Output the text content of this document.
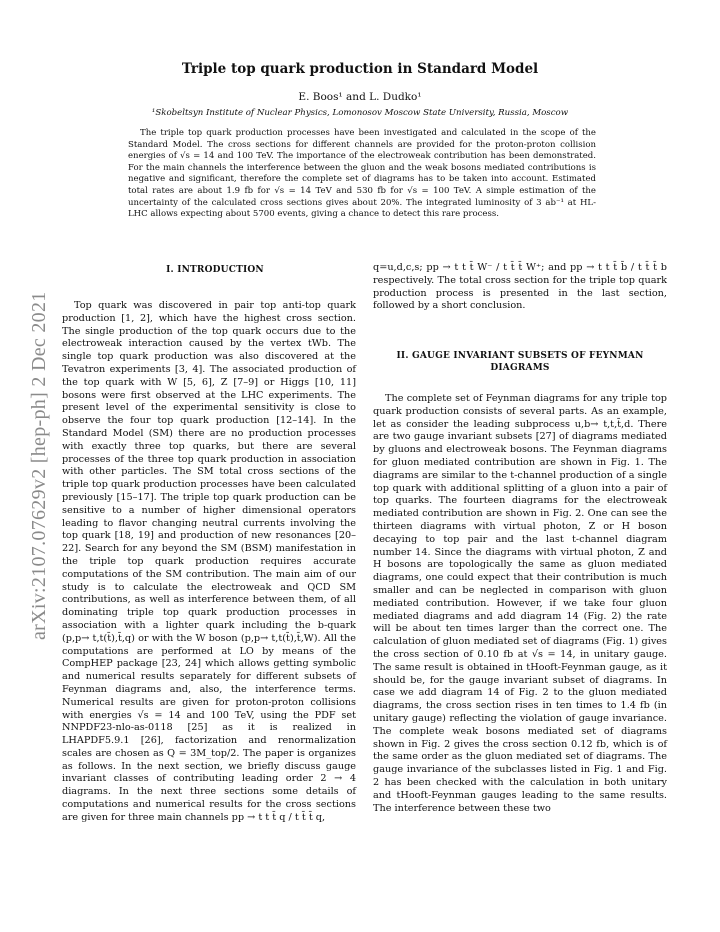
arXiv:2107.07629v2 [hep-ph] 2 Dec 2021
Triple top quark production in Standard Model
E. Boos¹ and L. Dudko¹
¹Skobeltsyn Institute of Nuclear Physics, Lomonosov Moscow State University, Russia, Moscow

The triple top quark production processes have been investigated and calculated in the scope of the Standard Model. The cross sections for different channels are provided for the proton-proton collision energies of √s = 14 and 100 TeV. The importance of the electroweak contribution has been demonstrated. For the main channels the interference between the gluon and the weak bosons mediated contributions is negative and significant, therefore the complete set of diagrams has to be taken into account. Estimated total rates are about 1.9 fb for √s = 14 TeV and 530 fb for √s = 100 TeV. A simple estimation of the uncertainty of the calculated cross sections gives about 20%. The integrated luminosity of 3 ab⁻¹ at HL-LHC allows expecting about 5700 events, giving a chance to detect this rare process.

I. INTRODUCTION

Top quark was discovered in pair top anti-top quark production [1, 2], which have the highest cross section. The single production of the top quark occurs due to the electroweak interaction caused by the vertex tWb. The single top quark production was also discovered at the Tevatron experiments [3, 4]. The associated production of the top quark with W [5, 6], Z [7–9] or Higgs [10, 11] bosons were first observed at the LHC experiments. The present level of the experimental sensitivity is close to observe the four top quark production [12–14]. In the Standard Model (SM) there are no production processes with exactly three top quarks, but there are several processes of the three top quark production in association with other particles. The SM total cross sections of the triple top quark production processes have been calculated previously [15–17]. The triple top quark production can be sensitive to a number of higher dimensional operators leading to flavor changing neutral currents involving the top quark [18, 19] and production of new resonances [20–22]. Search for any beyond the SM (BSM) manifestation in the triple top quark production requires accurate computations of the SM contribution. The main aim of our study is to calculate the electroweak and QCD SM contributions, as well as interference between them, of all dominating triple top quark production processes in association with a lighter quark including the b-quark (p,p→ t,t(t̄),t̄,q) or with the W boson (p,p→ t,t(t̄),t̄,W). All the computations are performed at LO by means of the CompHEP package [23, 24] which allows getting symbolic and numerical results separately for different subsets of Feynman diagrams and, also, the interference terms. Numerical results are given for proton-proton collisions with energies √s = 14 and 100 TeV, using the PDF set NNPDF23-nlo-as-0118 [25] as it is realized in LHAPDF5.9.1 [26], factorization and renormalization scales are chosen as Q = 3M_top/2. The paper is organizes as follows. In the next section, we briefly discuss gauge invariant classes of contributing leading order 2 → 4 diagrams. In the next three sections some details of computations and numerical results for the cross sections are given for three main channels pp → t t t̄ q / t t̄ t̄ q,

q=u,d,c,s; pp → t t t̄ W⁻ / t t̄ t̄ W⁺; and pp → t t t̄ b̄ / t t̄ t̄ b respectively. The total cross section for the triple top quark production process is presented in the last section, followed by a short conclusion.

II. GAUGE INVARIANT SUBSETS OF FEYNMAN DIAGRAMS

The complete set of Feynman diagrams for any triple top quark production consists of several parts. As an example, let as consider the leading subprocess u,b→ t,t,t̄,d. There are two gauge invariant subsets [27] of diagrams mediated by gluons and electroweak bosons. The Feynman diagrams for gluon mediated contribution are shown in Fig. 1. The diagrams are similar to the t-channel production of a single top quark with additional splitting of a gluon into a pair of top quarks. The fourteen diagrams for the electroweak mediated contribution are shown in Fig. 2. One can see the thirteen diagrams with virtual photon, Z or H boson decaying to top pair and the last t-channel diagram number 14. Since the diagrams with virtual photon, Z and H bosons are topologically the same as gluon mediated diagrams, one could expect that their contribution is much smaller and can be neglected in comparison with gluon mediated contribution. However, if we take four gluon mediated diagrams and add diagram 14 (Fig. 2) the rate will be about ten times larger than the correct one. The calculation of gluon mediated set of diagrams (Fig. 1) gives the cross section of 0.10 fb at √s = 14, in unitary gauge. The same result is obtained in tHooft-Feynman gauge, as it should be, for the gauge invariant subset of diagrams. In case we add diagram 14 of Fig. 2 to the gluon mediated diagrams, the cross section rises in ten times to 1.4 fb (in unitary gauge) reflecting the violation of gauge invariance. The complete weak bosons mediated set of diagrams shown in Fig. 2 gives the cross section 0.12 fb, which is of the same order as the gluon mediated set of diagrams. The gauge invariance of the subclasses listed in Fig. 1 and Fig. 2 has been checked with the calculation in both unitary and tHooft-Feynman gauges leading to the same results. The interference between these two
